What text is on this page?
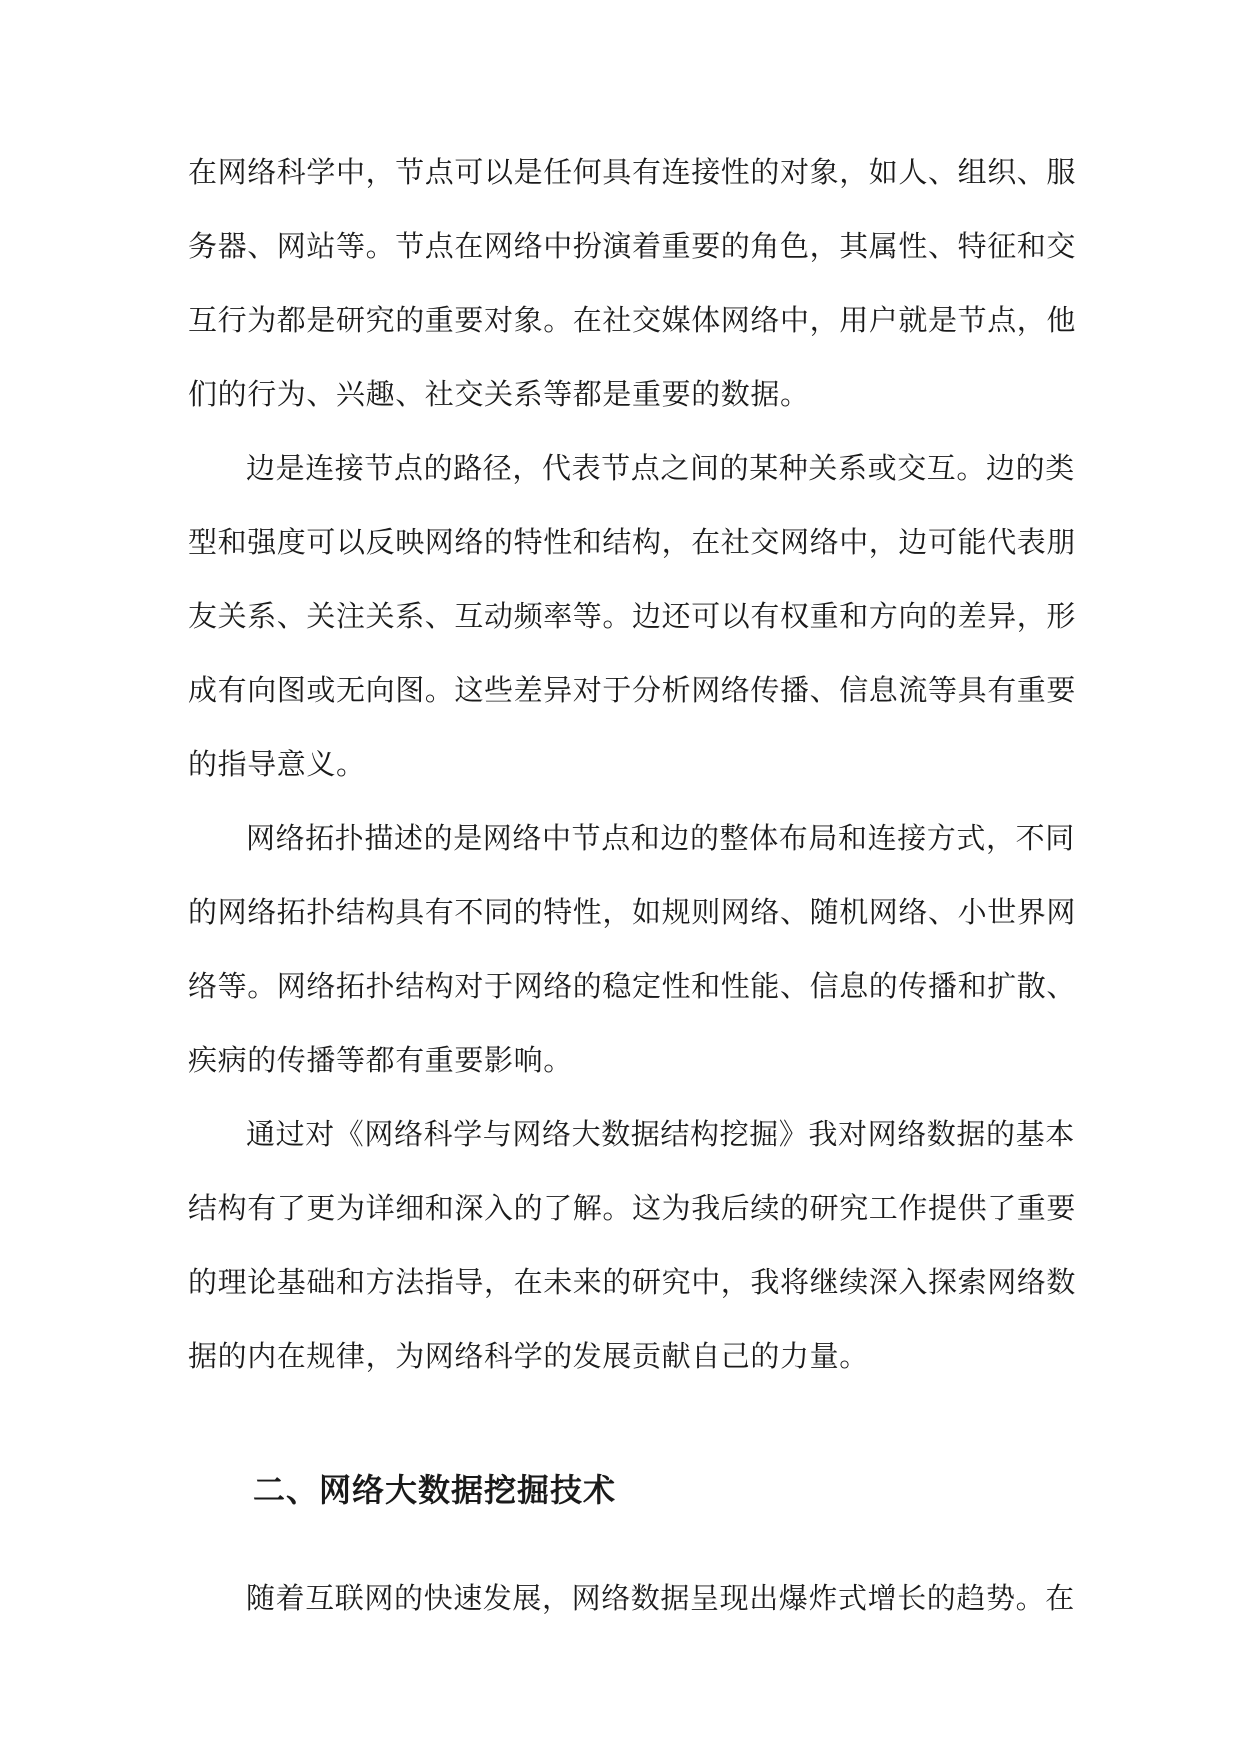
在网络科学中，节点可以是任何具有连接性的对象，如人、组织、服
务器、网站等。节点在网络中扮演着重要的角色，其属性、特征和交
互行为都是研究的重要对象。在社交媒体网络中，用户就是节点，他
们的行为、兴趣、社交关系等都是重要的数据。
边是连接节点的路径，代表节点之间的某种关系或交互。边的类
型和强度可以反映网络的特性和结构，在社交网络中，边可能代表朋
友关系、关注关系、互动频率等。边还可以有权重和方向的差异，形
成有向图或无向图。这些差异对于分析网络传播、信息流等具有重要
的指导意义。
网络拓扑描述的是网络中节点和边的整体布局和连接方式，不同
的网络拓扑结构具有不同的特性，如规则网络、随机网络、小世界网
络等。网络拓扑结构对于网络的稳定性和性能、信息的传播和扩散、
疾病的传播等都有重要影响。
通过对《网络科学与网络大数据结构挖掘》我对网络数据的基本
结构有了更为详细和深入的了解。这为我后续的研究工作提供了重要
的理论基础和方法指导，在未来的研究中，我将继续深入探索网络数
据的内在规律，为网络科学的发展贡献自己的力量。
二、网络大数据挖掘技术
随着互联网的快速发展，网络数据呈现出爆炸式增长的趋势。在
